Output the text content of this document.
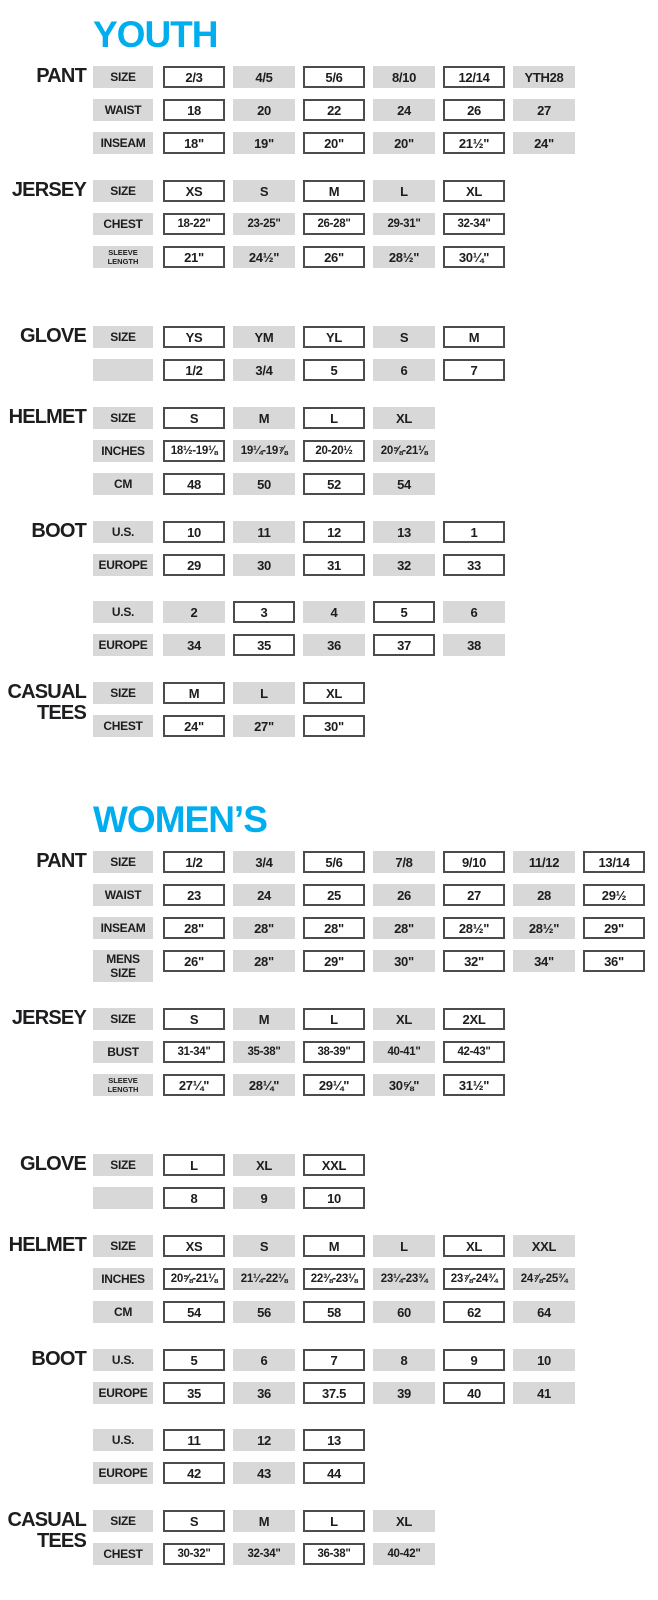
YOUTH
PANT	SIZE	2/3	4/5	5/6	8/10	12/14	YTH28
WAIST	18	20	22	24	26	27
INSEAM	18"	19"	20"	20"	21½"	24"
JERSEY	SIZE	XS	S	M	L	XL
CHEST	18-22"	23-25"	26-28"	29-31"	32-34"
SLEEVE LENGTH	21"	24½"	26"	28½"	30¼"
GLOVE	SIZE	YS	YM	YL	S	M
1/2	3/4	5	6	7
HELMET	SIZE	S	M	L	XL
INCHES	18½-19⅛	19¼-19⅞	20-20½	20⅝-21⅛
CM	48	50	52	54
BOOT	U.S.	10	11	12	13	1
EUROPE	29	30	31	32	33
U.S.	2	3	4	5	6
EUROPE	34	35	36	37	38
CASUAL TEES
SIZE	M	L	XL
CHEST	24"	27"	30"
WOMEN’S
PANT	SIZE	1/2	3/4	5/6	7/8	9/10	11/12	13/14
WAIST	23	24	25	26	27	28	29½
INSEAM	28"	28"	28"	28"	28½"	28½"	29"
MENS SIZE
26"	28"	29"	30"	32"	34"	36"
JERSEY	SIZE	S	M	L	XL	2XL
BUST	31-34"	35-38"	38-39"	40-41"	42-43"
SLEEVE LENGTH	27¼"	28¼"	29¼"	30⅝"	31½"
GLOVE	SIZE	L	XL	XXL
8	9	10
HELMET	SIZE	XS	S	M	L	XL	XXL
INCHES	20⅝-21⅛	21¼-22⅛	22⅜-23⅛	23¼-23¾	23⅞-24¾	24⅞-25¾
CM	54	56	58	60	62	64
BOOT	U.S.	5	6	7	8	9	10
EUROPE	35	36	37.5	39	40	41
U.S.	11	12	13
EUROPE	42	43	44
CASUAL TEES
SIZE	S	M	L	XL
CHEST	30-32"	32-34"	36-38"	40-42"
